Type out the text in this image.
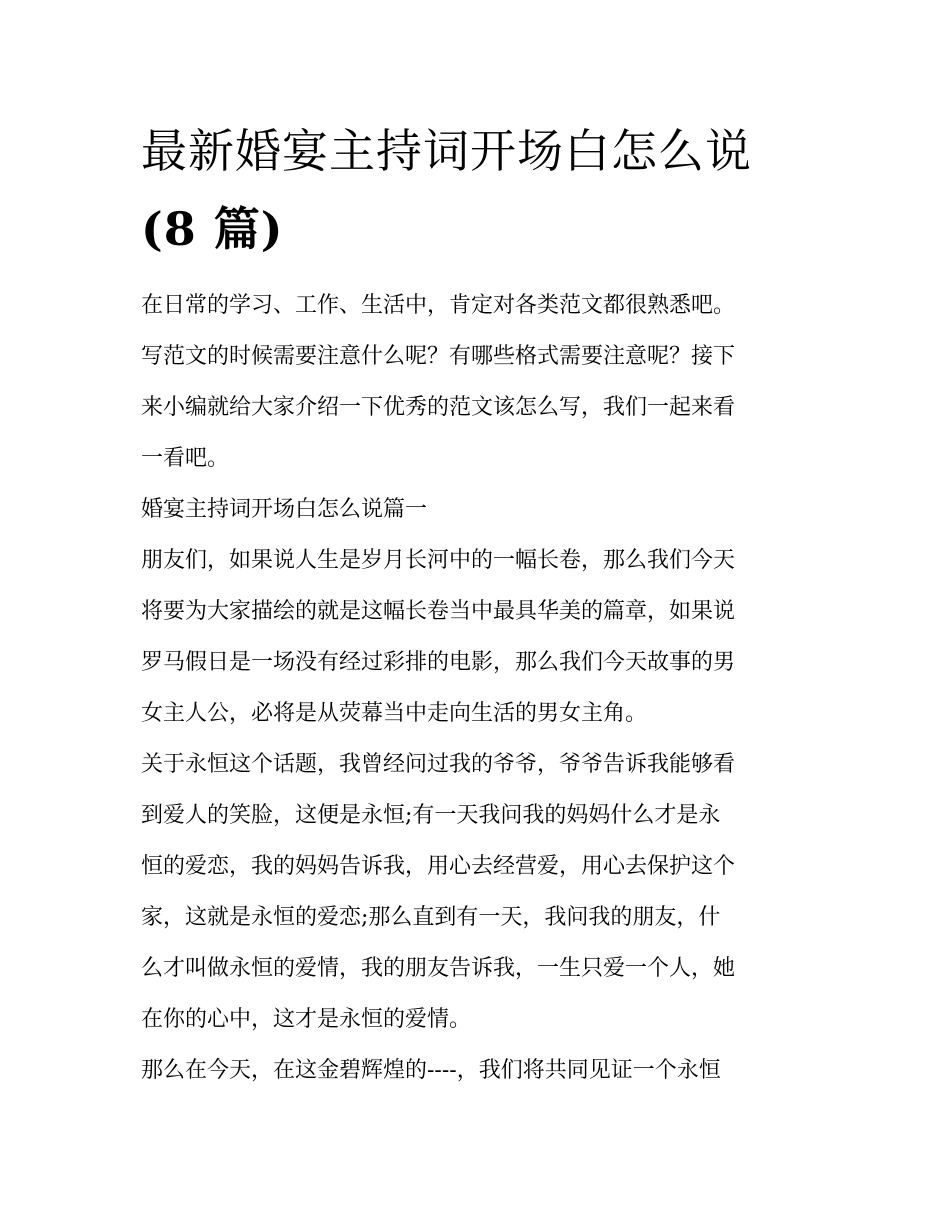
最新婚宴主持词开场白怎么说
(8 篇)

在日常的学习、工作、生活中，肯定对各类范文都很熟悉吧。
写范文的时候需要注意什么呢？有哪些格式需要注意呢？接下
来小编就给大家介绍一下优秀的范文该怎么写，我们一起来看
一看吧。

婚宴主持词开场白怎么说篇一

朋友们，如果说人生是岁月长河中的一幅长卷，那么我们今天
将要为大家描绘的就是这幅长卷当中最具华美的篇章，如果说
罗马假日是一场没有经过彩排的电影，那么我们今天故事的男
女主人公，必将是从荧幕当中走向生活的男女主角。

关于永恒这个话题，我曾经问过我的爷爷，爷爷告诉我能够看
到爱人的笑脸，这便是永恒;有一天我问我的妈妈什么才是永
恒的爱恋，我的妈妈告诉我，用心去经营爱，用心去保护这个
家，这就是永恒的爱恋;那么直到有一天，我问我的朋友，什
么才叫做永恒的爱情，我的朋友告诉我，一生只爱一个人，她
在你的心中，这才是永恒的爱情。

那么在今天，在这金碧辉煌的----，我们将共同见证一个永恒
